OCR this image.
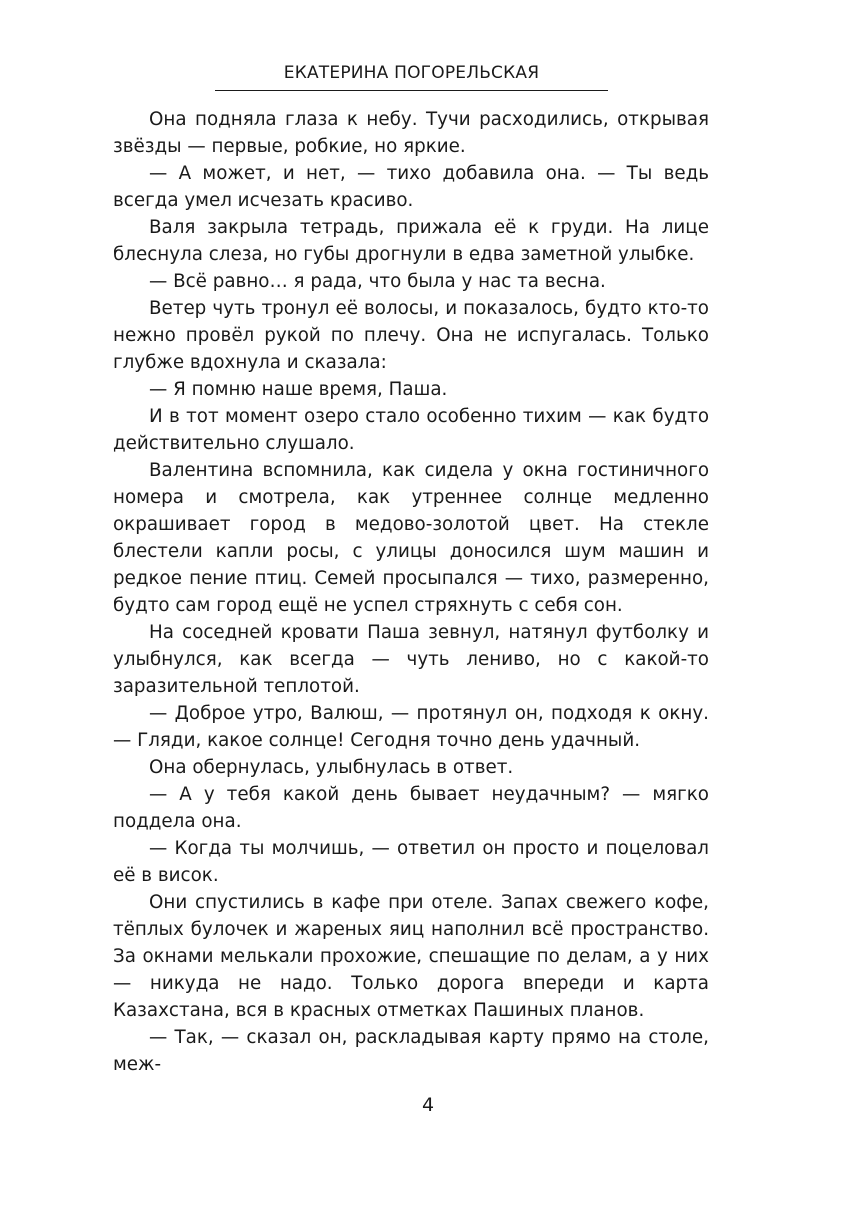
ЕКАТЕРИНА ПОГОРЕЛЬСКАЯ

Она подняла глаза к небу. Тучи расходились, открывая звёзды — первые, робкие, но яркие.

— А может, и нет, — тихо добавила она. — Ты ведь всегда умел исчезать красиво.

Валя закрыла тетрадь, прижала её к груди. На лице блеснула слеза, но губы дрогнули в едва заметной улыбке.

— Всё равно… я рада, что была у нас та весна.

Ветер чуть тронул её волосы, и показалось, будто кто-то нежно провёл рукой по плечу. Она не испугалась. Только глубже вдохнула и сказала:

— Я помню наше время, Паша.

И в тот момент озеро стало особенно тихим — как будто действительно слушало.

Валентина вспомнила, как сидела у окна гостиничного номера и смотрела, как утреннее солнце медленно окрашивает город в медово-золотой цвет. На стекле блестели капли росы, с улицы доносился шум машин и редкое пение птиц. Семей просыпался — тихо, размеренно, будто сам город ещё не успел стряхнуть с себя сон.

На соседней кровати Паша зевнул, натянул футболку и улыбнулся, как всегда — чуть лениво, но с какой-то заразительной теплотой.

— Доброе утро, Валюш, — протянул он, подходя к окну. — Гляди, какое солнце! Сегодня точно день удачный.

Она обернулась, улыбнулась в ответ.

— А у тебя какой день бывает неудачным? — мягко поддела она.

— Когда ты молчишь, — ответил он просто и поцеловал её в висок.

Они спустились в кафе при отеле. Запах свежего кофе, тёплых булочек и жареных яиц наполнил всё пространство. За окнами мелькали прохожие, спешащие по делам, а у них — никуда не надо. Только дорога впереди и карта Казахстана, вся в красных отметках Пашиных планов.

— Так, — сказал он, раскладывая карту прямо на столе, меж-

4
